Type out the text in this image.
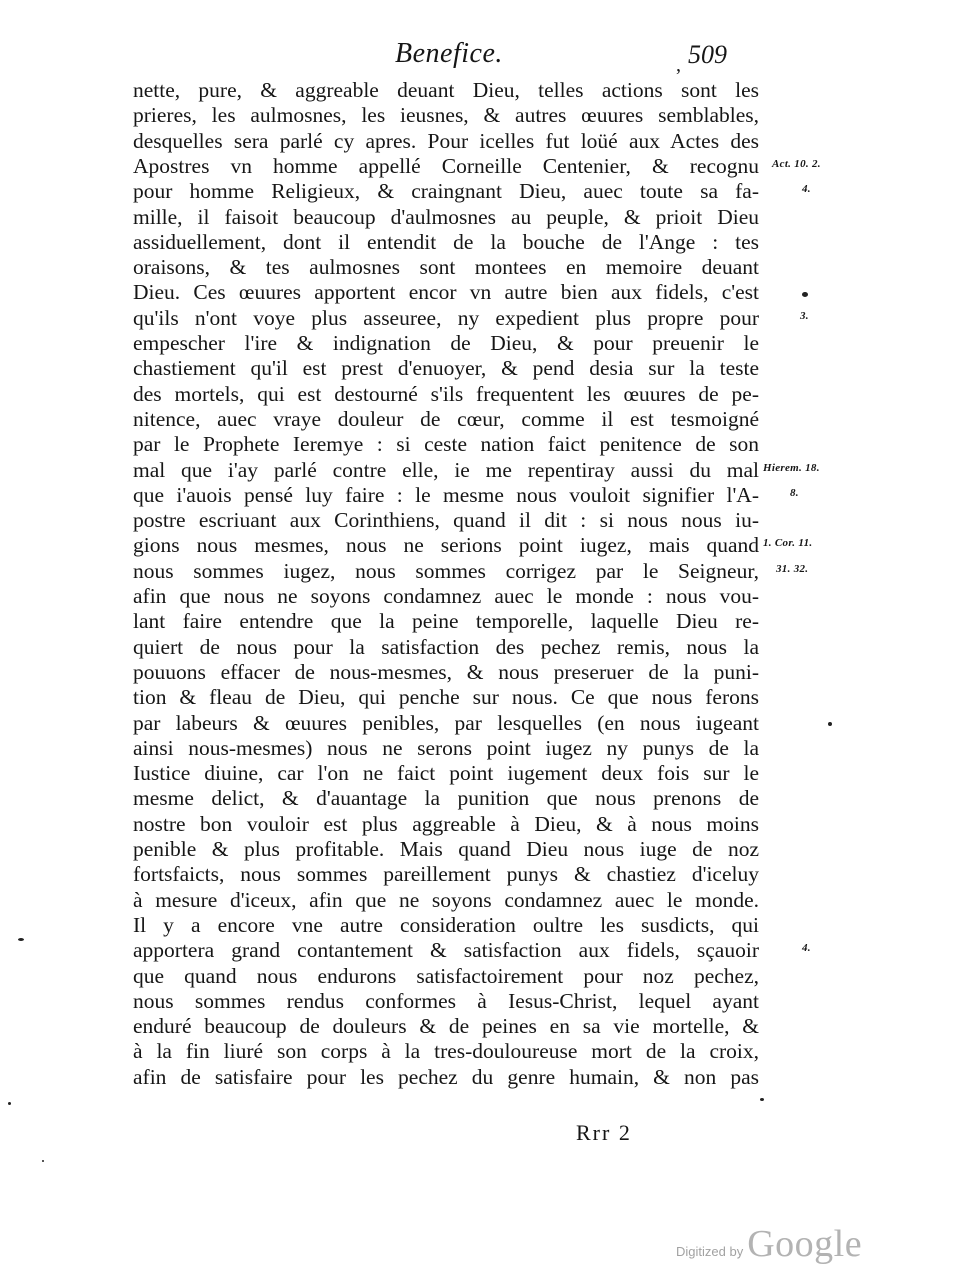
Benefice.	, 509
nette, pure, & aggreable deuant Dieu, telles actions sont les
prieres, les aulmosnes, les ieusnes, & autres œuures semblables,
desquelles sera parlé cy apres. Pour icelles fut loüé aux Actes des
Apostres vn homme appellé Corneille Centenier, & recognu
pour homme Religieux, & craingnant Dieu, auec toute sa fa-
mille, il faisoit beaucoup d'aulmosnes au peuple, & prioit Dieu
assiduellement, dont il entendit de la bouche de l'Ange : tes
oraisons, & tes aulmosnes sont montees en memoire deuant
Dieu. Ces œuures apportent encor vn autre bien aux fidels, c'est
qu'ils n'ont voye plus asseuree, ny expedient plus propre pour
empescher l'ire & indignation de Dieu, & pour preuenir le
chastiement qu'il est prest d'enuoyer, & pend desia sur la teste
des mortels, qui est destourné s'ils frequentent les œuures de pe-
nitence, auec vraye douleur de cœur, comme il est tesmoigné
par le Prophete Ieremye : si ceste nation faict penitence de son
mal que i'ay parlé contre elle, ie me repentiray aussi du mal
que i'auois pensé luy faire : le mesme nous vouloit signifier l'A-
postre escriuant aux Corinthiens, quand il dit : si nous nous iu-
gions nous mesmes, nous ne serions point iugez, mais quand
nous sommes iugez, nous sommes corrigez par le Seigneur,
afin que nous ne soyons condamnez auec le monde : nous vou-
lant faire entendre que la peine temporelle, laquelle Dieu re-
quiert de nous pour la satisfaction des pechez remis, nous la
pouuons effacer de nous-mesmes, & nous preseruer de la puni-
tion & fleau de Dieu, qui penche sur nous. Ce que nous ferons
par labeurs & œuures penibles, par lesquelles (en nous iugeant
ainsi nous-mesmes) nous ne serons point iugez ny punys de la
Iustice diuine, car l'on ne faict point iugement deux fois sur le
mesme delict, & d'auantage la punition que nous prenons de
nostre bon vouloir est plus aggreable à Dieu, & à nous moins
penible & plus profitable. Mais quand Dieu nous iuge de noz
fortsfaicts, nous sommes pareillement punys & chastiez d'iceluy
à mesure d'iceux, afin que ne soyons condamnez auec le monde.
Il y a encore vne autre consideration oultre les susdicts, qui
apportera grand contantement & satisfaction aux fidels, sçauoir
que quand nous endurons satisfactoirement pour noz pechez,
nous sommes rendus conformes à Iesus-Christ, lequel ayant
enduré beaucoup de douleurs & de peines en sa vie mortelle, &
à la fin liuré son corps à la tres-douloureuse mort de la croix,
afin de satisfaire pour les pechez du genre humain, & non pas
Act. 10. 2.
4.
3.
Hierem. 18.
8.
1. Cor. 11.
31. 32.
4.
Rrr 2
Digitized by Google
